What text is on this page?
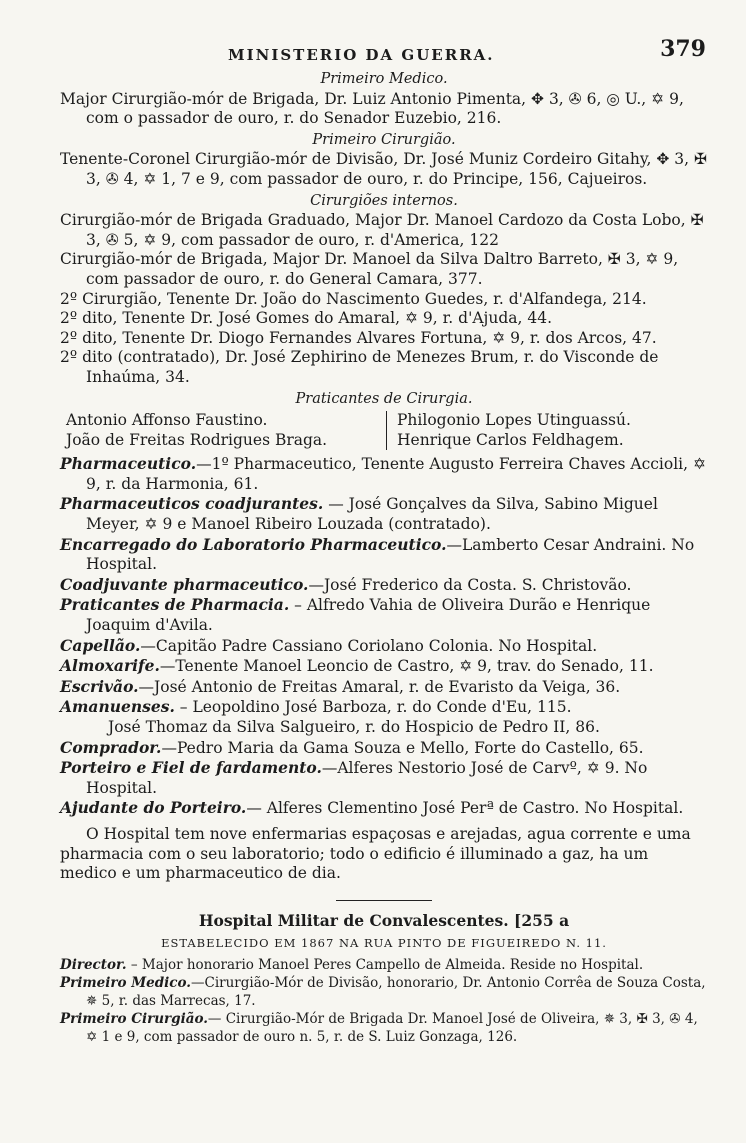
MINISTERIO DA GUERRA.	379

Primeiro Medico.

Major Cirurgião-mór de Brigada, Dr. Luiz Antonio Pimenta, ✥ 3, ✇ 6, ◎ U., ✡ 9, com o passador de ouro, r. do Senador Euzebio, 216.

Primeiro Cirurgião.

Tenente-Coronel Cirurgião-mór de Divisão, Dr. José Muniz Cordeiro Gitahy, ✥ 3, ✠ 3, ✇ 4, ✡ 1, 7 e 9, com passador de ouro, r. do Principe, 156, Cajueiros.

Cirurgiões internos.

Cirurgião-mór de Brigada Graduado, Major Dr. Manoel Cardozo da Costa Lobo, ✠ 3, ✇ 5, ✡ 9, com passador de ouro, r. d'America, 122

Cirurgião-mór de Brigada, Major Dr. Manoel da Silva Daltro Barreto, ✠ 3, ✡ 9, com passador de ouro, r. do General Camara, 377.

2º Cirurgião, Tenente Dr. João do Nascimento Guedes, r. d'Alfandega, 214.

2º dito, Tenente Dr. José Gomes do Amaral, ✡ 9, r. d'Ajuda, 44.

2º dito, Tenente Dr. Diogo Fernandes Alvares Fortuna, ✡ 9, r. dos Arcos, 47.

2º dito (contratado), Dr. José Zephirino de Menezes Brum, r. do Visconde de Inhaúma, 34.

Praticantes de Cirurgia.

Antonio Affonso Faustino.

João de Freitas Rodrigues Braga.

Philogonio Lopes Utinguassú.

Henrique Carlos Feldhagem.

Pharmaceutico.—1º Pharmaceutico, Tenente Augusto Ferreira Chaves Accioli, ✡ 9, r. da Harmonia, 61.

Pharmaceuticos coadjurantes. — José Gonçalves da Silva, Sabino Miguel Meyer, ✡ 9 e Manoel Ribeiro Louzada (contratado).

Encarregado do Laboratorio Pharmaceutico.—Lamberto Cesar Andraini. No Hospital.

Coadjuvante pharmaceutico.—José Frederico da Costa. S. Christovão.

Praticantes de Pharmacia. – Alfredo Vahia de Oliveira Durão e Henrique Joaquim d'Avila.

Capellão.—Capitão Padre Cassiano Coriolano Colonia. No Hospital.

Almoxarife.—Tenente Manoel Leoncio de Castro, ✡ 9, trav. do Senado, 11.

Escrivão.—José Antonio de Freitas Amaral, r. de Evaristo da Veiga, 36.

Amanuenses. – Leopoldino José Barboza, r. do Conde d'Eu, 115.

José Thomaz da Silva Salgueiro, r. do Hospicio de Pedro II, 86.

Comprador.—Pedro Maria da Gama Souza e Mello, Forte do Castello, 65.

Porteiro e Fiel de fardamento.—Alferes Nestorio José de Carvº, ✡ 9. No Hospital.

Ajudante do Porteiro.— Alferes Clementino José Perª de Castro. No Hospital.

O Hospital tem nove enfermarias espaçosas e arejadas, agua corrente e uma pharmacia com o seu laboratorio; todo o edificio é illuminado a gaz, ha um medico e um pharmaceutico de dia.

Hospital Militar de Convalescentes. [255 a

ESTABELECIDO EM 1867 NA RUA PINTO DE FIGUEIREDO N. 11.

Director. – Major honorario Manoel Peres Campello de Almeida. Reside no Hospital.

Primeiro Medico.—Cirurgião-Mór de Divisão, honorario, Dr. Antonio Corrêa de Souza Costa, ✵ 5, r. das Marrecas, 17.

Primeiro Cirurgião.— Cirurgião-Mór de Brigada Dr. Manoel José de Oliveira, ✵ 3, ✠ 3, ✇ 4, ✡ 1 e 9, com passador de ouro n. 5, r. de S. Luiz Gonzaga, 126.
